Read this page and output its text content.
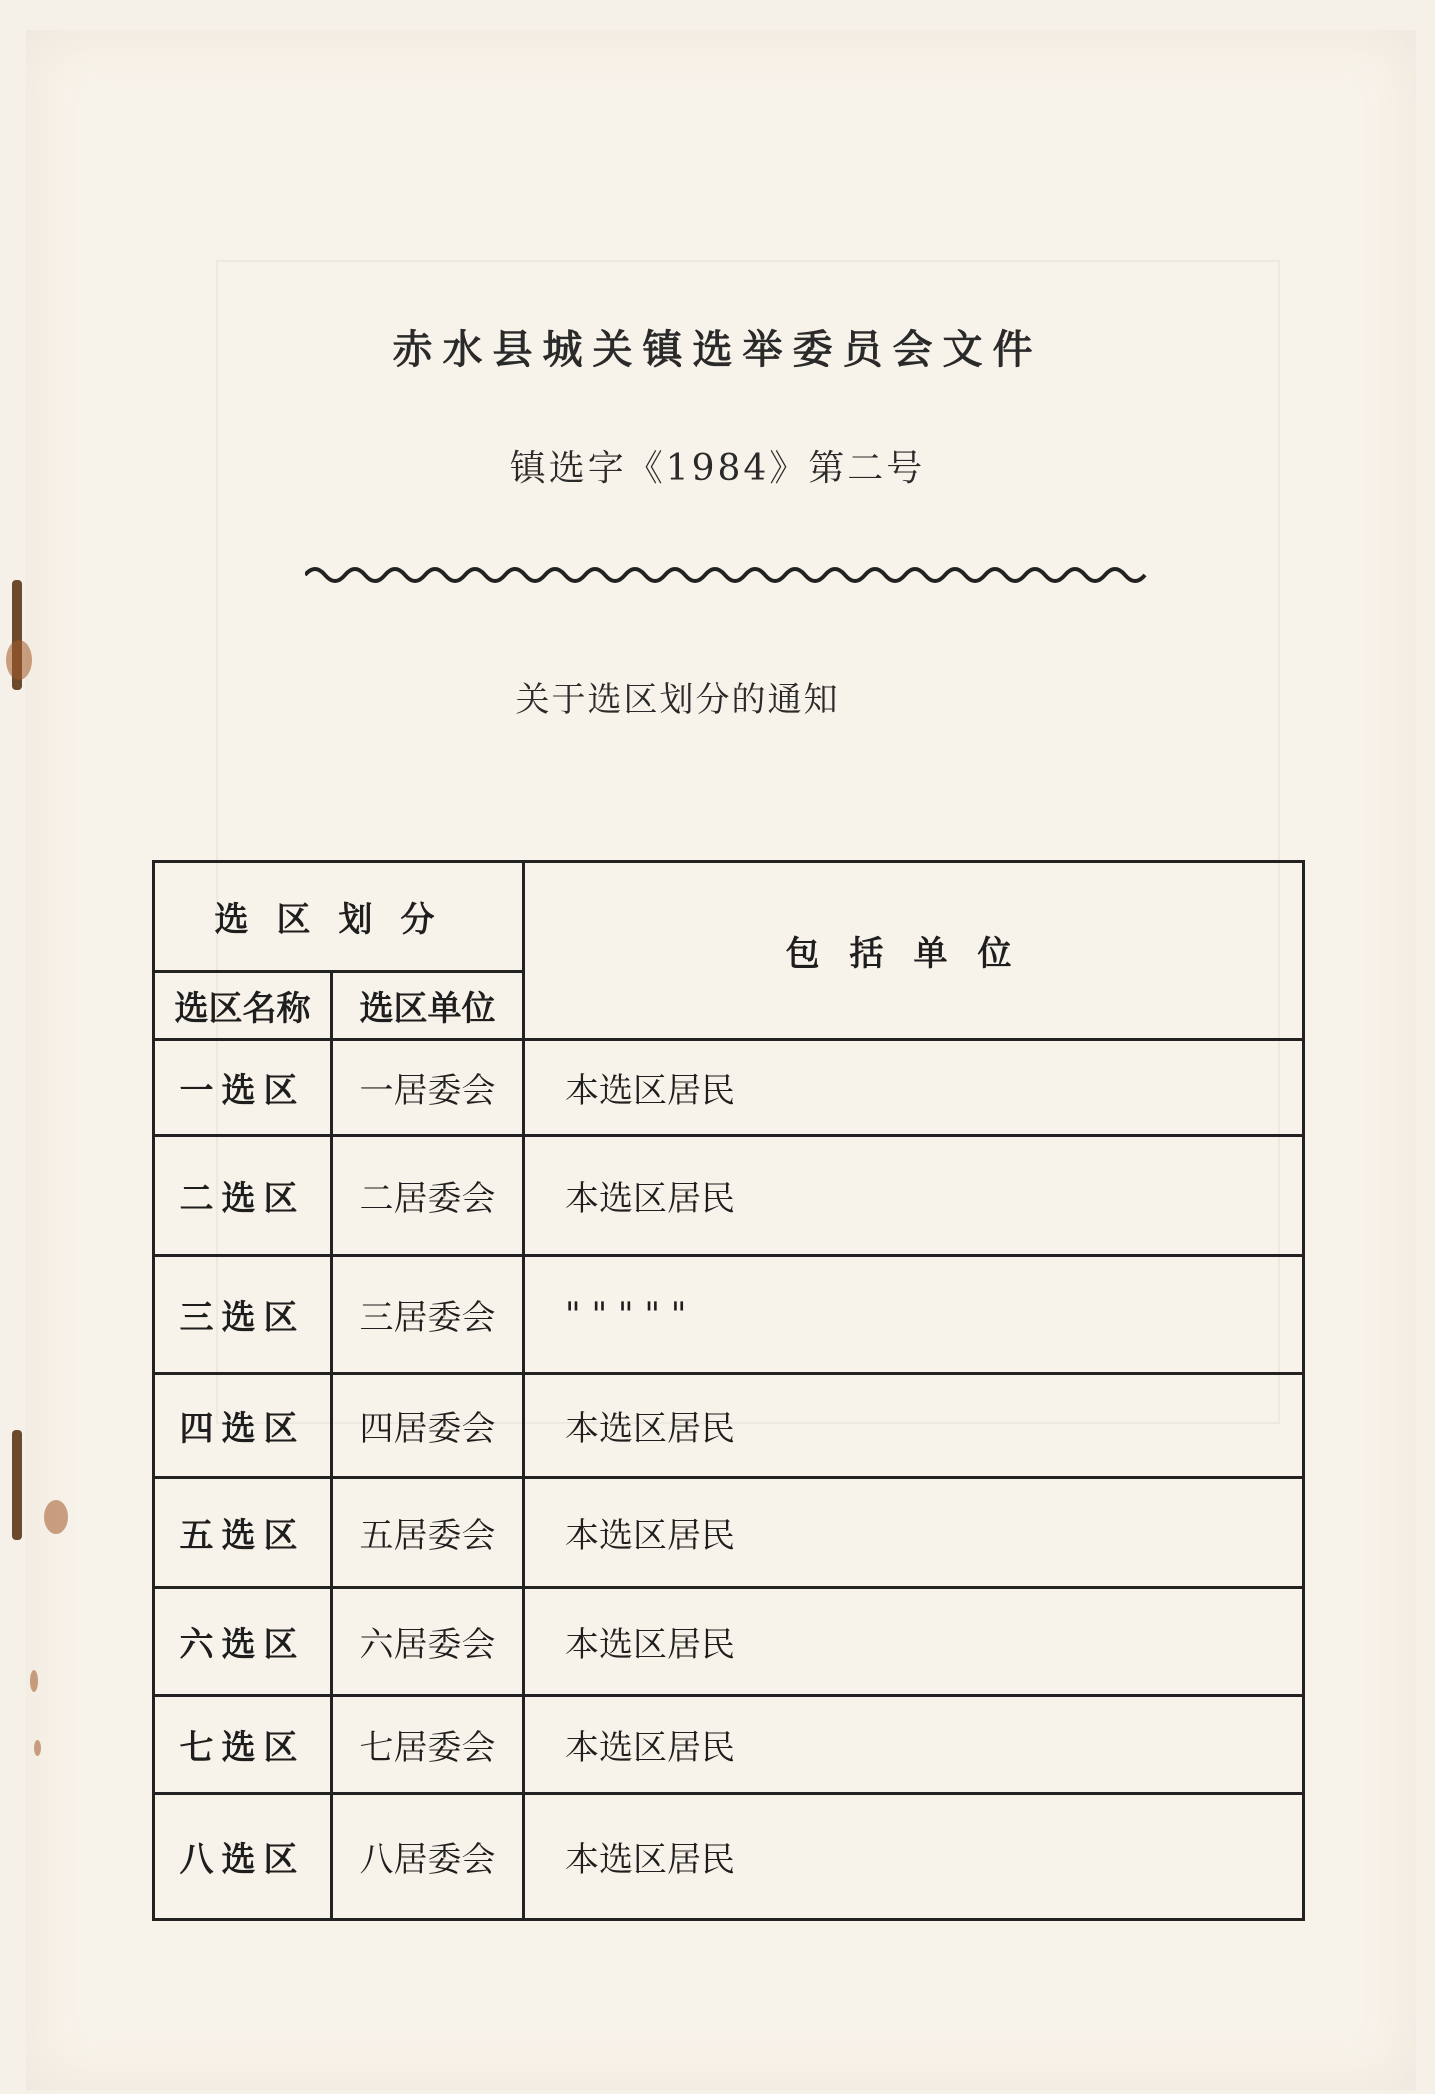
赤水县城关镇选举委员会文件
镇选字《1984》第二号
关于选区划分的通知
选区划分		包括单位
选区名称	选区单位	
一选区	一居委会	本选区居民
二选区	二居委会	本选区居民
三选区	三居委会	" " " " "
四选区	四居委会	本选区居民
五选区	五居委会	本选区居民
六选区	六居委会	本选区居民
七选区	七居委会	本选区居民
八选区	八居委会	本选区居民
